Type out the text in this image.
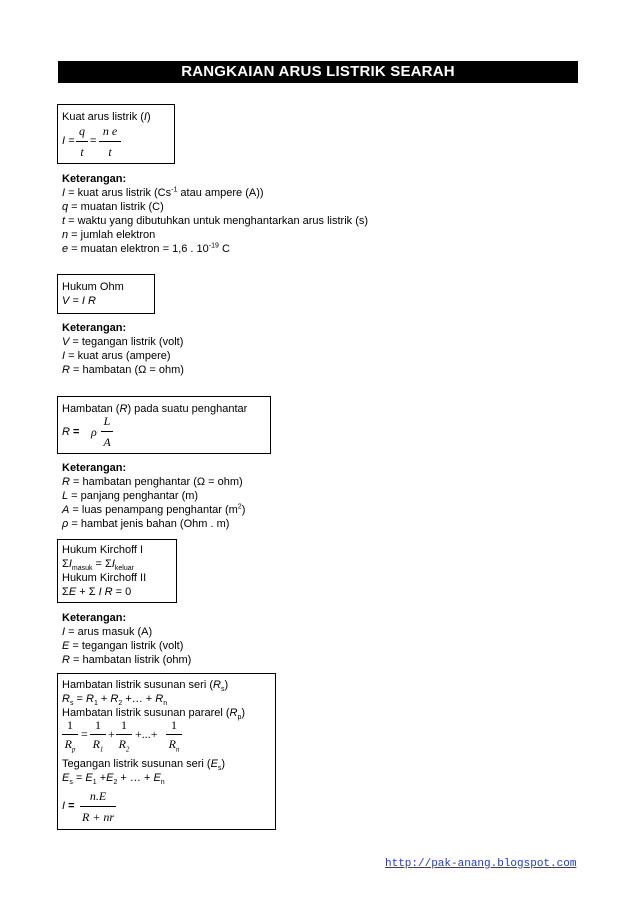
RANGKAIAN ARUS LISTRIK SEARAH
Kuat arus listrik (I)
I =
q
t
=
n e
t
Keterangan:
I = kuat arus listrik ($Cs^{-1}$ atau ampere (A))
q = muatan listrik (C)
t = waktu yang dibutuhkan untuk menghantarkan arus listrik (s)
n = jumlah elektron
e = muatan elektron = 1,6 . $10^{-19}$ C
Hukum Ohm
V = I R
Keterangan:
V = tegangan listrik (volt)
I = kuat arus (ampere)
R = hambatan (Ω = ohm)
Hambatan (R) pada suatu penghantar
R = ρ
L
A
Keterangan:
R = hambatan penghantar (Ω = ohm)
L = panjang penghantar (m)
A = luas penampang penghantar $(m^2)$
ρ = hambat jenis bahan (Ohm . m)
Hukum Kirchoff I
$\Sigma I_{masuk} = \Sigma I_{keluar}$
Hukum Kirchoff II
ΣE + Σ I R = 0
Keterangan:
I = arus masuk (A)
E = tegangan listrik (volt)
R = hambatan listrik (ohm)
Hambatan listrik susunan seri $(R_s)$
$R_s = R_1 + R_2$ +… + $R_n$
Hambatan listrik susunan pararel $(R_p)$
1
$R_p$
=
1
$R_1$
+
1
$R_2$
+...+
1
$R_n$
Tegangan listrik susunan seri $(E_s)$
$E_s = E_1 +E_2$ + … + $E_n$
I =
n.E
R + nr
http://pak-anang.blogspot.com
